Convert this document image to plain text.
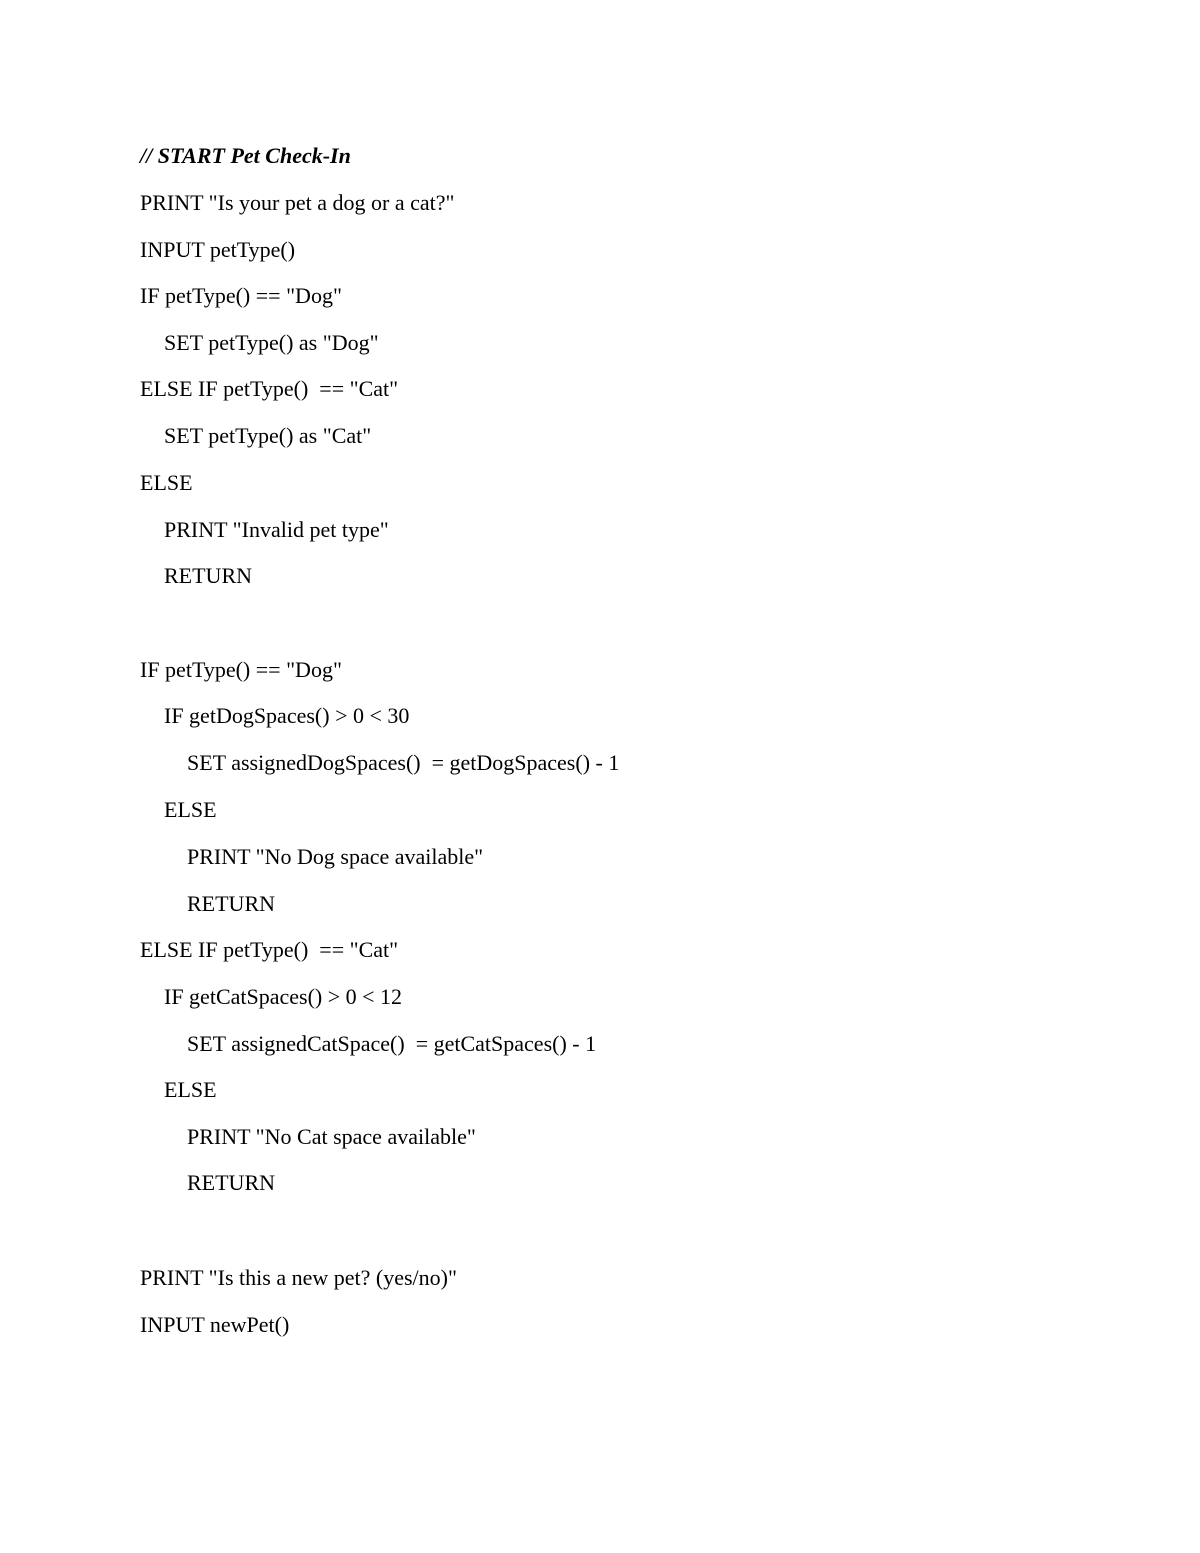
// START Pet Check-In
PRINT "Is your pet a dog or a cat?"
INPUT petType()
IF petType() == "Dog"
SET petType() as "Dog"
ELSE IF petType()  == "Cat"
SET petType() as "Cat"
ELSE
PRINT "Invalid pet type"
RETURN
IF petType() == "Dog"
IF getDogSpaces() > 0 < 30
SET assignedDogSpaces()  = getDogSpaces() - 1
ELSE
PRINT "No Dog space available"
RETURN
ELSE IF petType()  == "Cat"
IF getCatSpaces() > 0 < 12
SET assignedCatSpace()  = getCatSpaces() - 1
ELSE
PRINT "No Cat space available"
RETURN
PRINT "Is this a new pet? (yes/no)"
INPUT newPet()
